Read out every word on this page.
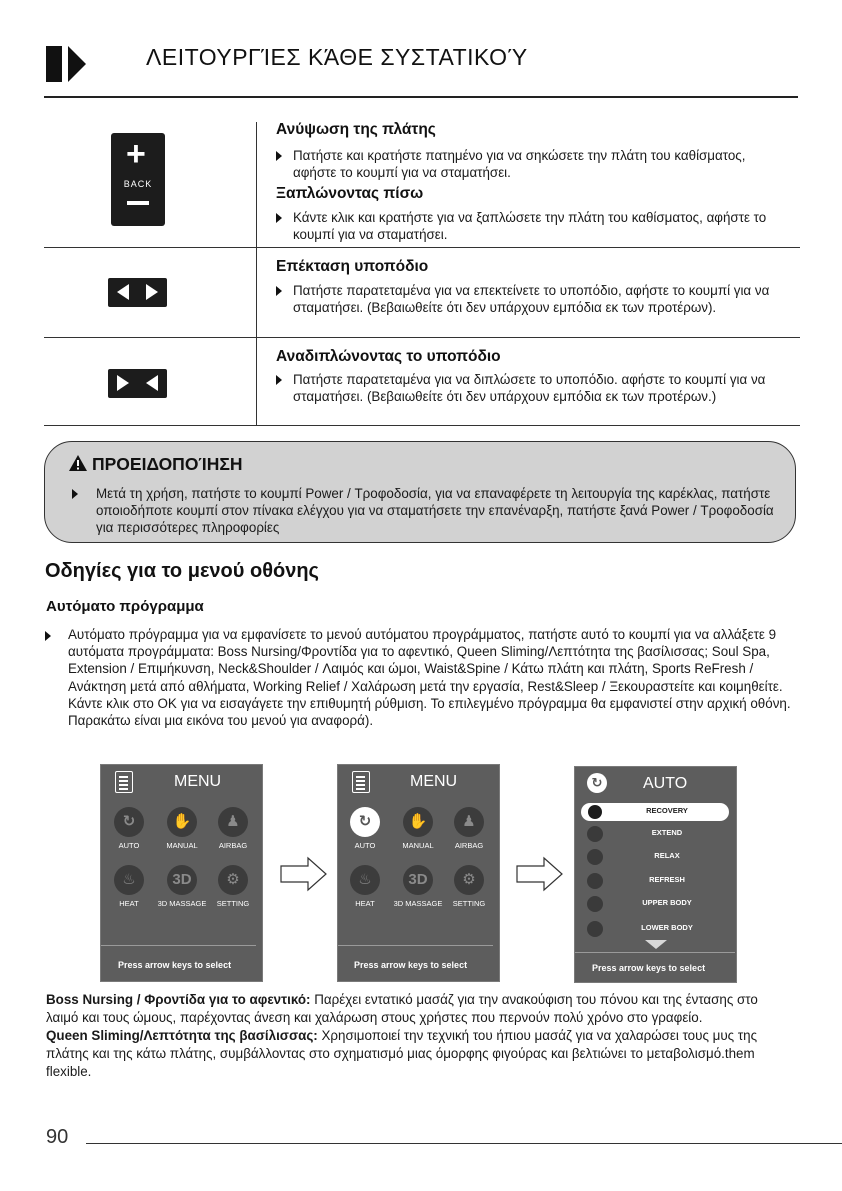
ΛΕΙΤΟΥΡΓΊΕΣ ΚΆΘΕ ΣΥΣΤΑΤΙΚΟΎ
+
BACK
Ανύψωση της πλάτης
Πατήστε και κρατήστε πατημένο για να σηκώσετε την πλάτη του καθίσματος, αφήστε το κουμπί για να σταματήσει.
Ξαπλώνοντας πίσω
Κάντε κλικ και κρατήστε για να ξαπλώσετε την πλάτη του καθίσματος, αφήστε το κουμπί για να σταματήσει.
Επέκταση υποπόδιο
Πατήστε παρατεταμένα για να επεκτείνετε το υποπόδιο, αφήστε το κουμπί για να σταματήσει. (Βεβαιωθείτε ότι δεν υπάρχουν εμπόδια εκ των προτέρων).
Αναδιπλώνοντας το υποπόδιο
Πατήστε παρατεταμένα για να διπλώσετε το υποπόδιο. αφήστε το κουμπί για να σταματήσει. (Βεβαιωθείτε ότι δεν υπάρχουν εμπόδια εκ των προτέρων.)
ΠΡΟΕΙΔΟΠΟΊΗΣΗ
Μετά τη χρήση, πατήστε το κουμπί Power / Τροφοδοσία, για να επαναφέρετε τη λειτουργία της καρέκλας, πατήστε οποιοδήποτε κουμπί στον πίνακα ελέγχου για να σταματήσετε την επανέναρξη, πατήστε ξανά Power / Τροφοδοσία για περισσότερες πληροφορίες
Οδηγίες για το μενού οθόνης
Αυτόματο πρόγραμμα
Αυτόματο πρόγραμμα για να εμφανίσετε το μενού αυτόματου προγράμματος, πατήστε αυτό το κουμπί για να αλλάξετε 9 αυτόματα προγράμματα: Boss Nursing/Φροντίδα για το αφεντικό, Queen Sliming/Λεπτότητα της βασίλισσας; Soul Spa, Extension / Επιμήκυνση, Neck&Shoulder / Λαιμός και ώμοι, Waist&Spine / Κάτω πλάτη και πλάτη, Sports ReFresh / Ανάκτηση μετά από αθλήματα, Working Relief / Χαλάρωση μετά την εργασία, Rest&Sleep / Ξεκουραστείτε και κοιμηθείτε. Κάντε κλικ στο OK για να εισαγάγετε την επιθυμητή ρύθμιση. Το επιλεγμένο πρόγραμμα θα εμφανιστεί στην αρχική οθόνη. Παρακάτω είναι μια εικόνα του μενού για αναφορά).
MENU
↻
AUTO
✋
MANUAL
♟
AIRBAG
♨
HEAT
3D
3D MASSAGE
⚙
SETTING
Press arrow keys to select
MENU
↻
AUTO
✋
MANUAL
♟
AIRBAG
♨
HEAT
3D
3D MASSAGE
⚙
SETTING
Press arrow keys to select
↻	AUTO
RECOVERY
EXTEND
RELAX
REFRESH
UPPER BODY
LOWER BODY
Press arrow keys to select
Boss Nursing / Φροντίδα για το αφεντικό: Παρέχει εντατικό μασάζ για την ανακούφιση του πόνου και της έντασης στο λαιμό και τους ώμους, παρέχοντας άνεση και χαλάρωση στους χρήστες που περνούν πολύ χρόνο στο γραφείο.
Queen Sliming/Λεπτότητα της βασίλισσας: Χρησιμοποιεί την τεχνική του ήπιου μασάζ για να χαλαρώσει τους μυς της πλάτης και της κάτω πλάτης, συμβάλλοντας στο σχηματισμό μιας όμορφης φιγούρας και βελτιώνει το μεταβολισμό.them flexible.
90
